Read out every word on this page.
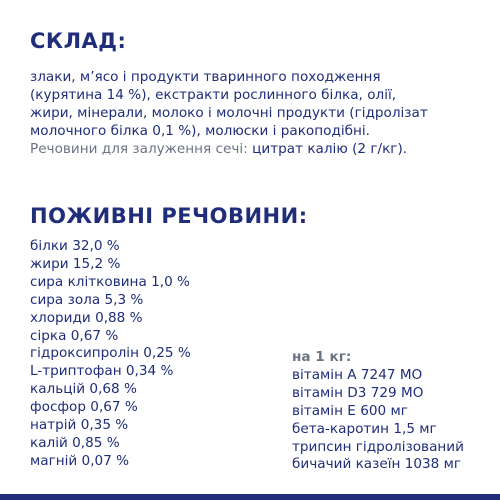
СКЛАД:

злаки, м’ясо і продукти тваринного походження
(курятина 14 %), екстракти рослинного білка, олії,
жири, мінерали, молоко і молочні продукти (гідролізат
молочного білка 0,1 %), молюски і ракоподібні.
Речовини для залуження сечі: цитрат калію (2 г/кг).

ПОЖИВНІ РЕЧОВИНИ:
білки 32,0 %
жири 15,2 %
сира клітковина 1,0 %
сира зола 5,3 %
хлориди 0,88 %
сірка 0,67 %
гідроксипролін 0,25 %
L-триптофан 0,34 %
кальцій 0,68 %
фосфор 0,67 %
натрій 0,35 %
калій 0,85 %
магній 0,07 %
на 1 кг:
вітамін А 7247 МО
вітамін D3 729 МО
вітамін Е 600 мг
бета-каротин 1,5 мг
трипсин гідролізований
бичачий казеїн 1038 мг
